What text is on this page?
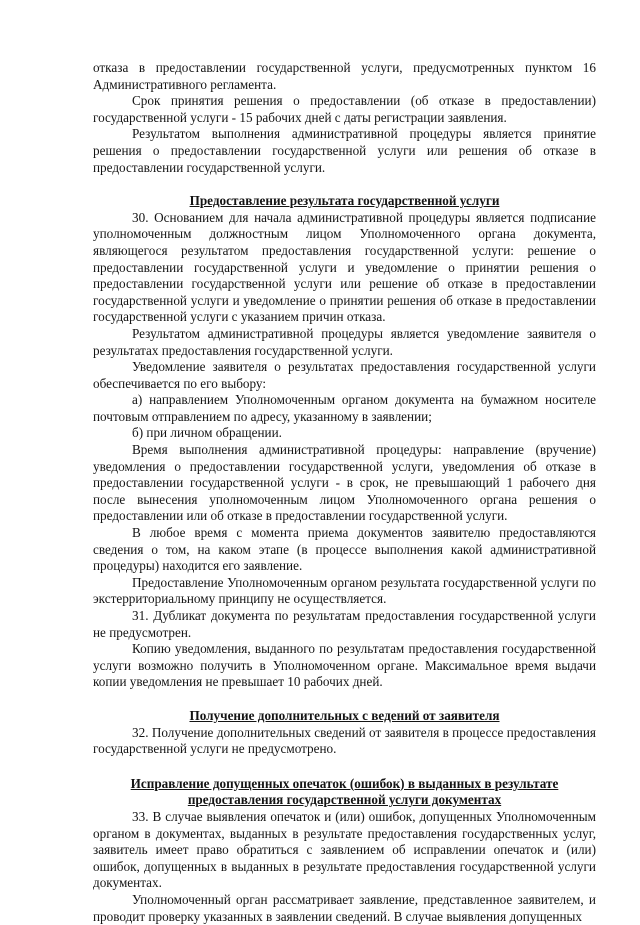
отказа в предоставлении государственной услуги, предусмотренных пунктом 16 Административного регламента.

Срок принятия решения о предоставлении (об отказе в предоставлении) государственной услуги - 15 рабочих дней с даты регистрации заявления.

Результатом выполнения административной процедуры является принятие решения о предоставлении государственной услуги или решения об отказе в предоставлении государственной услуги.

Предоставление результата государственной услуги

30. Основанием для начала административной процедуры является подписание уполномоченным должностным лицом Уполномоченного органа документа, являющегося результатом предоставления государственной услуги: решение о предоставлении государственной услуги и уведомление о принятии решения о предоставлении государственной услуги или решение об отказе в предоставлении государственной услуги и уведомление о принятии решения об отказе в предоставлении государственной услуги с указанием причин отказа.

Результатом административной процедуры является уведомление заявителя о результатах предоставления государственной услуги.

Уведомление заявителя о результатах предоставления государственной услуги обеспечивается по его выбору:

а) направлением Уполномоченным органом документа на бумажном носителе почтовым отправлением по адресу, указанному в заявлении;

б) при личном обращении.

Время выполнения административной процедуры: направление (вручение) уведомления о предоставлении государственной услуги, уведомления об отказе в предоставлении государственной услуги - в срок, не превышающий 1 рабочего дня после вынесения уполномоченным лицом Уполномоченного органа решения о предоставлении или об отказе в предоставлении государственной услуги.

В любое время с момента приема документов заявителю предоставляются сведения о том, на каком этапе (в процессе выполнения какой административной процедуры) находится его заявление.

Предоставление Уполномоченным органом результата государственной услуги по экстерриториальному принципу не осуществляется.

31. Дубликат документа по результатам предоставления государственной услуги не предусмотрен.

Копию уведомления, выданного по результатам предоставления государственной услуги возможно получить в Уполномоченном органе. Максимальное время выдачи копии уведомления не превышает 10 рабочих дней.

Получение дополнительных с ведений от заявителя

32. Получение дополнительных сведений от заявителя в процессе предоставления государственной услуги не предусмотрено.

Исправление допущенных опечаток (ошибок) в выданных в результате
предоставления государственной услуги документах

33. В случае выявления опечаток и (или) ошибок, допущенных Уполномоченным органом в документах, выданных в результате предоставления государственных услуг, заявитель имеет право обратиться с заявлением об исправлении опечаток и (или) ошибок, допущенных в выданных в результате предоставления государственной услуги документах.

Уполномоченный орган рассматривает заявление, представленное заявителем, и проводит проверку указанных в заявлении сведений. В случае выявления допущенных
